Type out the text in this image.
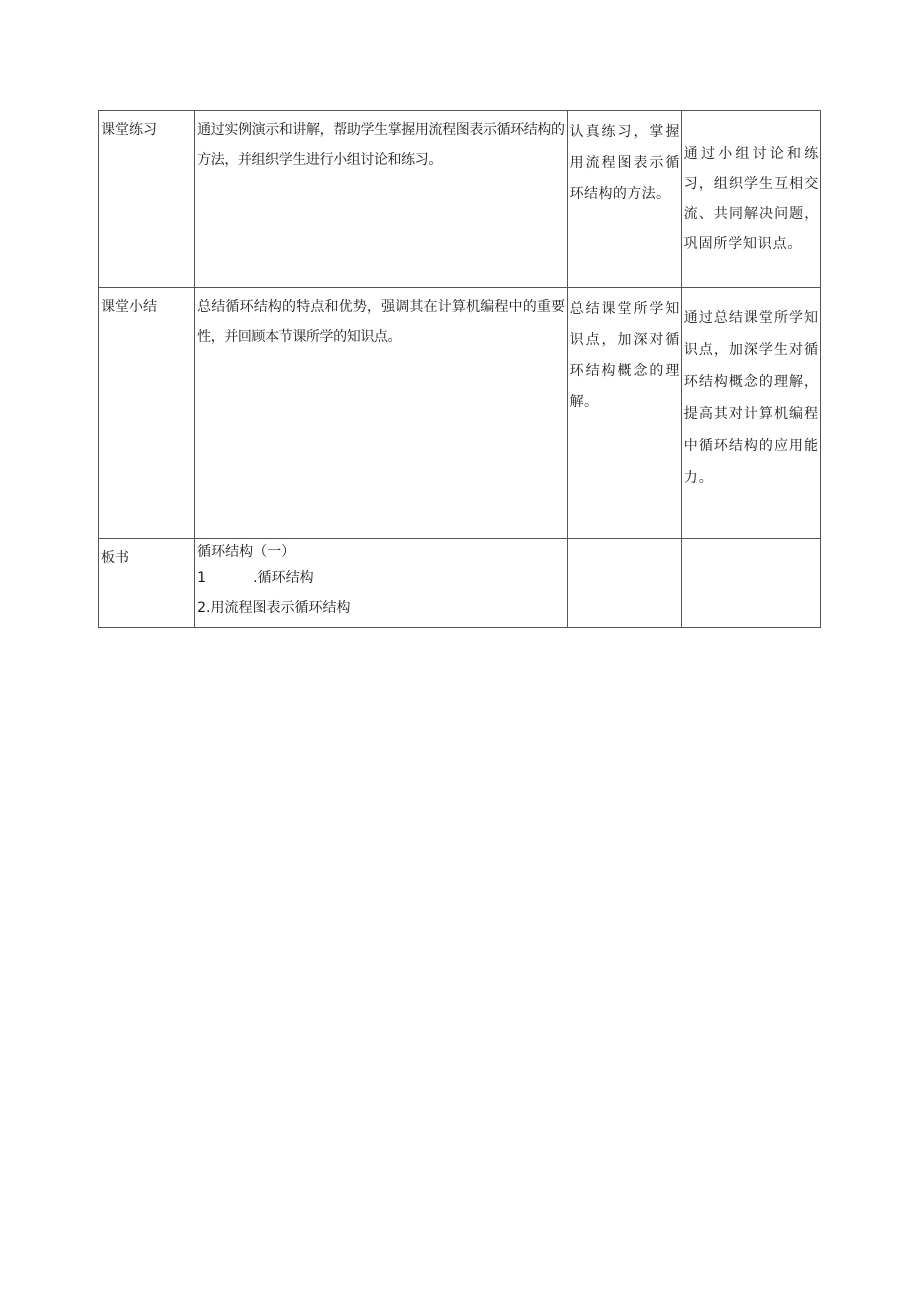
课堂练习	通过实例演示和讲解，帮助学生掌握用流程图表示循环结构的方法，并组织学生进行小组讨论和练习。	认真练习，掌握用流程图表示循环结构的方法。	通过小组讨论和练习，组织学生互相交流、共同解决问题，巩固所学知识点。

课堂小结	总结循环结构的特点和优势，强调其在计算机编程中的重要性，并回顾本节课所学的知识点。	总结课堂所学知识点，加深对循环结构概念的理解。	通过总结课堂所学知识点，加深学生对循环结构概念的理解，提高其对计算机编程中循环结构的应用能力。

板书	循环结构（一）
1 .循环结构
2.用流程图表示循环结构		
